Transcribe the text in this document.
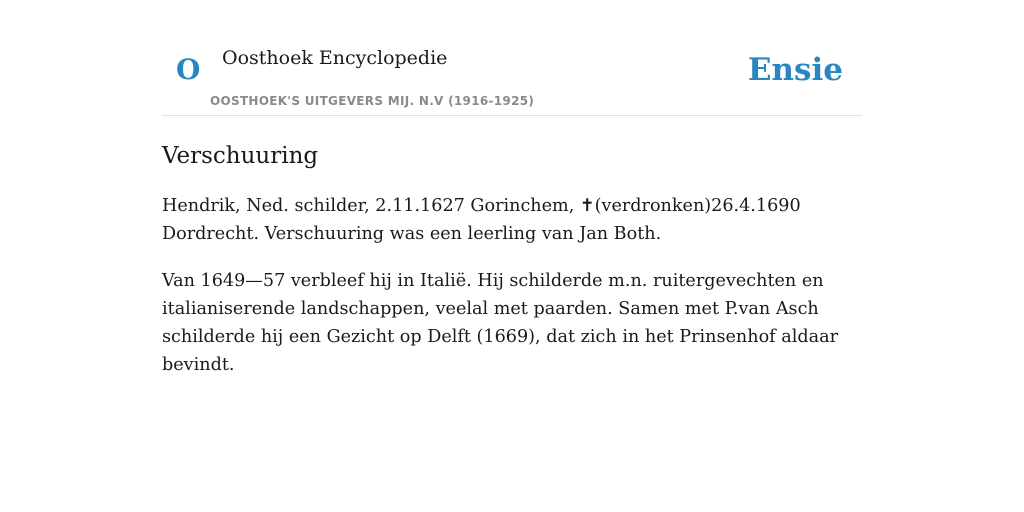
O Oosthoek Encyclopedie
OOSTHOEK'S UITGEVERS MIJ. N.V (1916-1925)
Ensie
Verschuuring

Hendrik, Ned. schilder, 2.11.1627 Gorinchem, ✝(verdronken)26.4.1690 Dordrecht. Verschuuring was een leerling van Jan Both.

Van 1649—57 verbleef hij in Italië. Hij schilderde m.n. ruitergevechten en italianiserende landschappen, veelal met paarden. Samen met P.van Asch schilderde hij een Gezicht op Delft (1669), dat zich in het Prinsenhof aldaar bevindt.
